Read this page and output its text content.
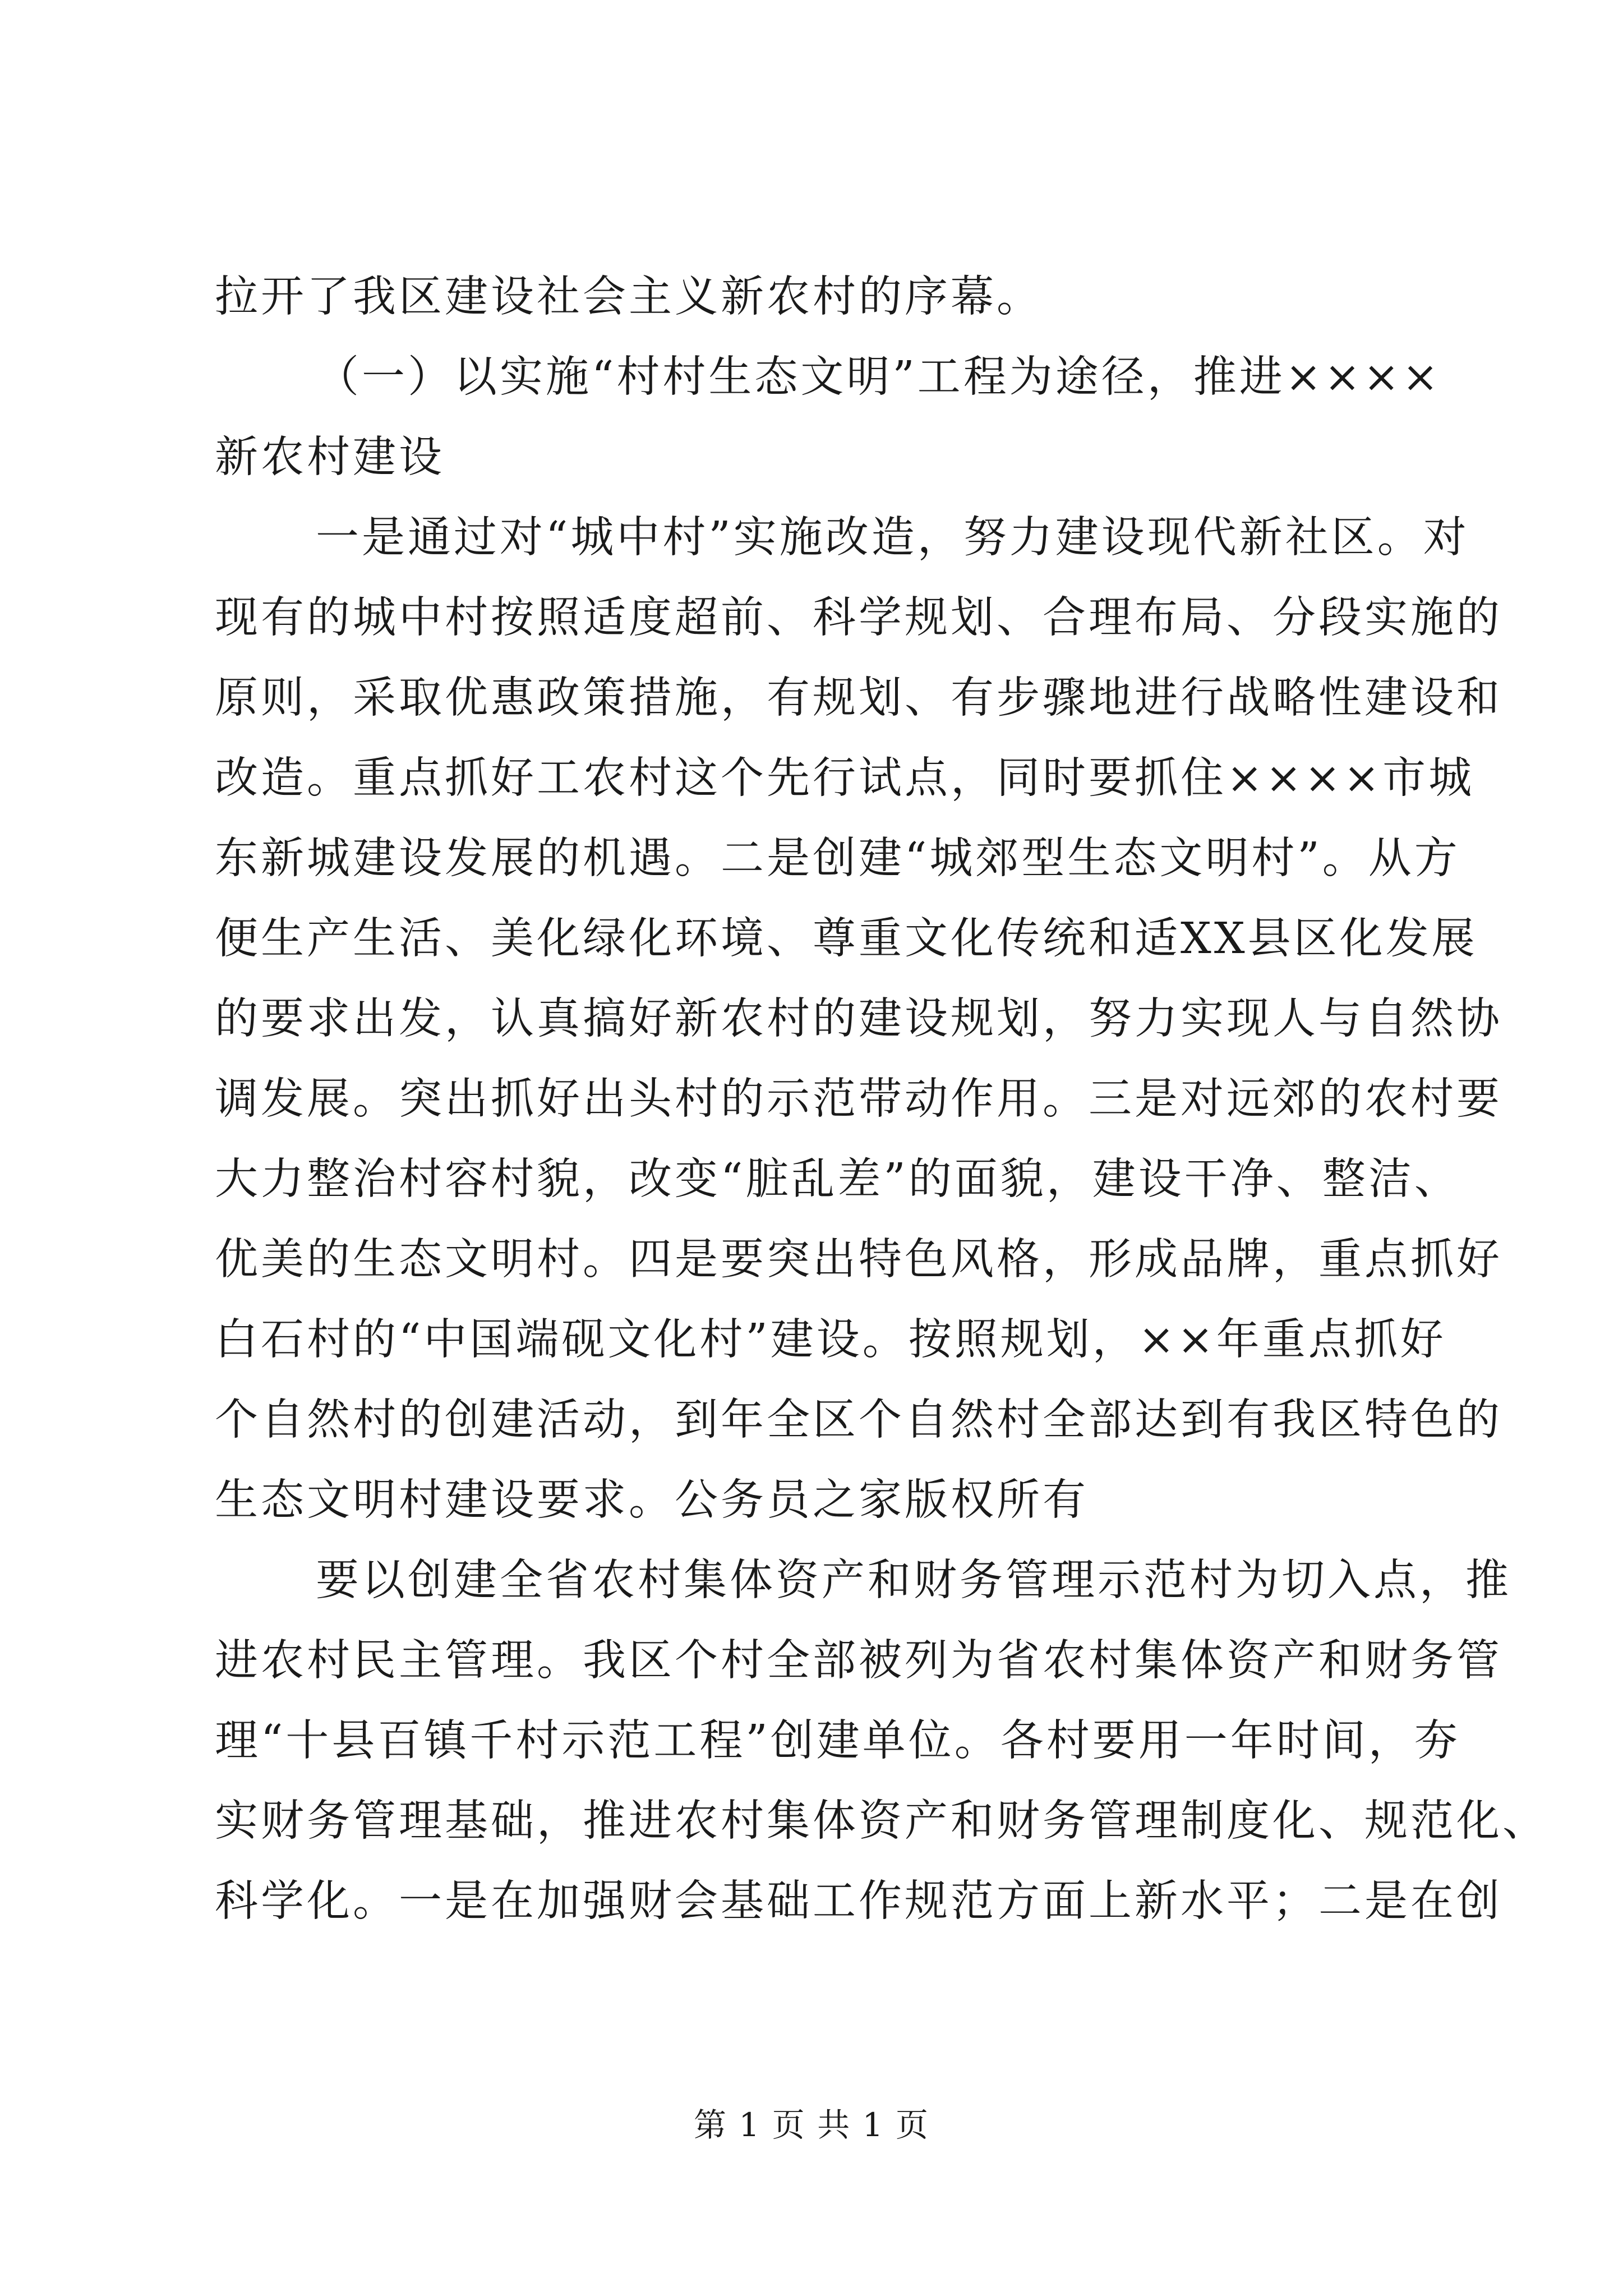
拉开了我区建设社会主义新农村的序幕。
（一）以实施“村村生态文明”工程为途径，推进××××
新农村建设
一是通过对“城中村”实施改造，努力建设现代新社区。对
现有的城中村按照适度超前、科学规划、合理布局、分段实施的
原则，采取优惠政策措施，有规划、有步骤地进行战略性建设和
改造。重点抓好工农村这个先行试点，同时要抓住××××市城
东新城建设发展的机遇。二是创建“城郊型生态文明村”。从方
便生产生活、美化绿化环境、尊重文化传统和适XX县区化发展
的要求出发，认真搞好新农村的建设规划，努力实现人与自然协
调发展。突出抓好出头村的示范带动作用。三是对远郊的农村要
大力整治村容村貌，改变“脏乱差”的面貌，建设干净、整洁、
优美的生态文明村。四是要突出特色风格，形成品牌，重点抓好
白石村的“中国端砚文化村”建设。按照规划，××年重点抓好
个自然村的创建活动，到年全区个自然村全部达到有我区特色的
生态文明村建设要求。公务员之家版权所有
要以创建全省农村集体资产和财务管理示范村为切入点，推
进农村民主管理。我区个村全部被列为省农村集体资产和财务管
理“十县百镇千村示范工程”创建单位。各村要用一年时间，夯
实财务管理基础，推进农村集体资产和财务管理制度化、规范化、
科学化。一是在加强财会基础工作规范方面上新水平；二是在创
第 1 页 共 1 页
